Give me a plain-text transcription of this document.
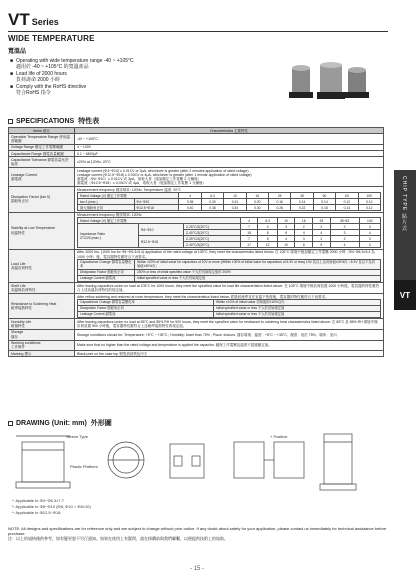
VT Series
WIDE TEMPERATURE
寬溫品
■ Operating with wide temperature range -40 ~ +105°C
適用於 -40 ~ +105°C 的寬溫產品
■ Load life of 2000 hours
負荷壽命 2000 小時
■ Comply with the RoHS directive
符合RoHS 指令
SPECIFICATIONS 特性表
Items 項目	Characteristics 主要特性
Operation Temperature Range 使用溫度範圍	-40 ~ +105°C
Voltage Range 額定工作電壓範圍	4 ~ 100V
Capacitance Range 靜電容量範圍	0.1 ~ 6800μF
Capacitance Tolerance 靜電容量允許偏差	±20% at 120Hz, 20°C

Leakage Current
漏電流

Leakage current (Φ4~Φ10) ≤ 0.01CV or 3μA, whichever is greater (after 2 minutes application of rated voltage)
Leakage current (Φ12.5~Φ18) ≤ 0.03CV or 4μA, whichever is greater (after 1 minute application of rated voltage)
漏電流（Φ4~Φ10）≤ 0.01CV 或 3μA，取較大者（施加額定工作電壓 2 分鐘後）
漏電流（Φ12.5~Φ18）≤ 0.03CV 或 4μA，取較大者（施加額定工作電壓 1 分鐘後）

Dissipation Factor (tan δ)
損耗角正切

Measurement frequency 測試頻率: 120Hz, Temperature 溫度: 20°C
Rated Voltage (V) 額定工作電壓	4	6.3	10	16	25	35	50	63	100
tan δ (max.)	Φ4~Φ10	0.35	0.30	0.24	0.20	0.16	0.14	0.14	0.12	0.12
最大損耗角正切	Φ12.5~Φ18	0.40	0.38	0.34	0.30	0.26	0.22	0.18	0.14	0.12

Stability at Low Temperature
低溫特性

Measurement frequency 測試頻率: 120Hz
Rated Voltage (V) 額定工作電壓	4	6.3	10	16	25	35~63	100
Impedance Ratio
ZT/Z20 (max.)	Φ4~Φ10	Z-25°C/Z(20°C)	7	4	3	2	2	2	3
Z-40°C/Z(20°C)	15	8	6	4	4	3	4
Φ12.5~Φ18	Z-25°C/Z(20°C)	7	5	4	3	2	2	3
Z-40°C/Z(20°C)	17	12	10	8	5	4	3

Load Life
高溫負荷特性

After 2000 hrs. (1000 hrs for Φ4~Φ6.3×5.4) application of the rated voltage at 105°C, they meet the characteristics listed below. 在 105°C 環境中施加額定工作電壓 2000 小時（Φ4~Φ6.3×5.4 為 1000 小時）後，電容器特性應符合下表要求。
Capacitance Change 靜電容量變化率	Within ±20% of initial value for capacitors of 10V or more (Within ±30% of initial value for capacitors of 6.3V or less) 10V 及以上為初始值±20%內（6.3V 及以下為初始值±30%內）
Dissipation Factor 損耗角正切	200% or less of initial specified value 不大於初始規定值的 200%
Leakage Current 漏電流	Initial specified value or less 不大於初始規定值

Shelf Life
高溫無負荷特性
	After leaving capacitors under no load at 105°C for 1000 hours, they meet the specified value for load life characteristics listed above. 在 105°C 環境中無負荷放置 1000 小時後，電容器的特性應符合上述高溫負荷特性的規定值。

Resistance to Soldering Heat
耐焊接熱特性

After reflow soldering and restored at room temperature, they meet the characteristics listed below. 經過回流焊並在室溫下恢復後，電容器的特性應符合下表要求。
Capacitance Change 靜電容量變化率	Within ±10% of initial value 初始值的±10%以內
Dissipation Factor 損耗角正切	Initial specified value or less 不大於初始規定值
Leakage Current 漏電流	Initial specified value or less 不大於初始規定值

Humidity Life
耐濕特性
	After leaving capacitors under no load at 85°C and 85% RH for 500 hours, they meet the specified value for resistance to soldering heat characteristics listed above. 在 85°C 及 85% RH 環境中無負荷放置 500 小時後，電容器特性應符合上述耐焊接熱特性的規定值。

Storage
儲存
	Storage conditions should be: Temperature: +5°C ~ +35°C ; Humidity: lower than 75% ; Place: indoors. 儲存環境：溫度：+5°C ~ +35°C；濕度：低於 75%；場所：室內

Working conditions
工作條件
	Make sure that no higher than the rated voltage and temperature is applied the capacitor. 確保工作電壓及溫度不超過額定值。
Marking 標示	Black print on the case top 鋁殼頂部黑色印字
CHIP TYPE 貼片式
VT
DRAWING (Unit: mm) 外形圖
Sleeve Type
Plastic Platform
+ Positive
*: Applicable to Φ4~Φ6.3×7.7
*: Applicable to Φ8~Φ10 (Φ8, Φ10 = Φ8×10)
*: Applicable to Φ12.5~Φ18
NOTE: All designs and specifications are for reference only and are subject to change without prior notice. If any doubt about safety for your application, please contact us immediately for technical assistance before purchase.
注：以上的規格僅供參考，如有變更恕不另行通知。如果在使用上有疑問，請在採購前與我們聯繫，以便提供技術上的協助。
- 15 -
